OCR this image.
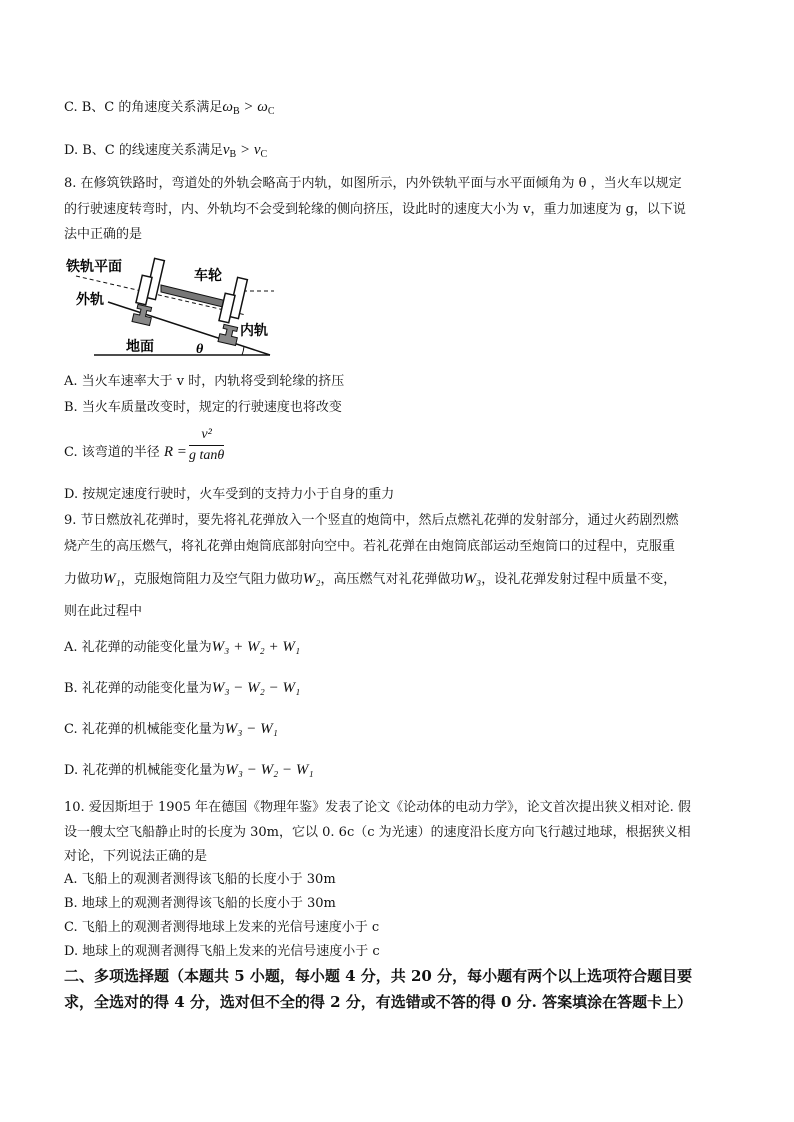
C. B、C 的角速度关系满足$\omega_B > \omega_C$
D. B、C 的线速度关系满足$v_B > v_C$
8. 在修筑铁路时，弯道处的外轨会略高于内轨，如图所示，内外铁轨平面与水平面倾角为 θ ，当火车以规定
的行驶速度转弯时，内、外轨均不会受到轮缘的侧向挤压，设此时的速度大小为 v，重力加速度为 g，以下说
法中正确的是
铁轨平面
车轮
外轨
内轨
地面	θ
A. 当火车速率大于 v 时，内轨将受到轮缘的挤压
B. 当火车质量改变时，规定的行驶速度也将改变
C. 该弯道的半径 $R = \frac{\text{v²}}{\text{g tanθ}}$
D. 按规定速度行驶时，火车受到的支持力小于自身的重力
9. 节日燃放礼花弹时，要先将礼花弹放入一个竖直的炮筒中，然后点燃礼花弹的发射部分，通过火药剧烈燃
烧产生的高压燃气，将礼花弹由炮筒底部射向空中。若礼花弹在由炮筒底部运动至炮筒口的过程中，克服重
力做功W₁，克服炮筒阻力及空气阻力做功W₂，高压燃气对礼花弹做功W₃，设礼花弹发射过程中质量不变，
则在此过程中
A. 礼花弹的动能变化量为W₃ + W₂ + W₁
B. 礼花弹的动能变化量为W₃ − W₂ − W₁
C. 礼花弹的机械能变化量为W₃ − W₁
D. 礼花弹的机械能变化量为W₃ − W₂ − W₁
10. 爱因斯坦于 1905 年在德国《物理年鉴》发表了论文《论动体的电动力学》，论文首次提出狭义相对论. 假
设一艘太空飞船静止时的长度为 30m，它以 0. 6c（c 为光速）的速度沿长度方向飞行越过地球，根据狭义相
对论，下列说法正确的是
A. 飞船上的观测者测得该飞船的长度小于 30m
B. 地球上的观测者测得该飞船的长度小于 30m
C. 飞船上的观测者测得地球上发来的光信号速度小于 c
D. 地球上的观测者测得飞船上发来的光信号速度小于 c
二、多项选择题（本题共 5 小题，每小题 4 分，共 20 分，每小题有两个以上选项符合题目要
求，全选对的得 4 分，选对但不全的得 2 分，有选错或不答的得 0 分. 答案填涂在答题卡上）
